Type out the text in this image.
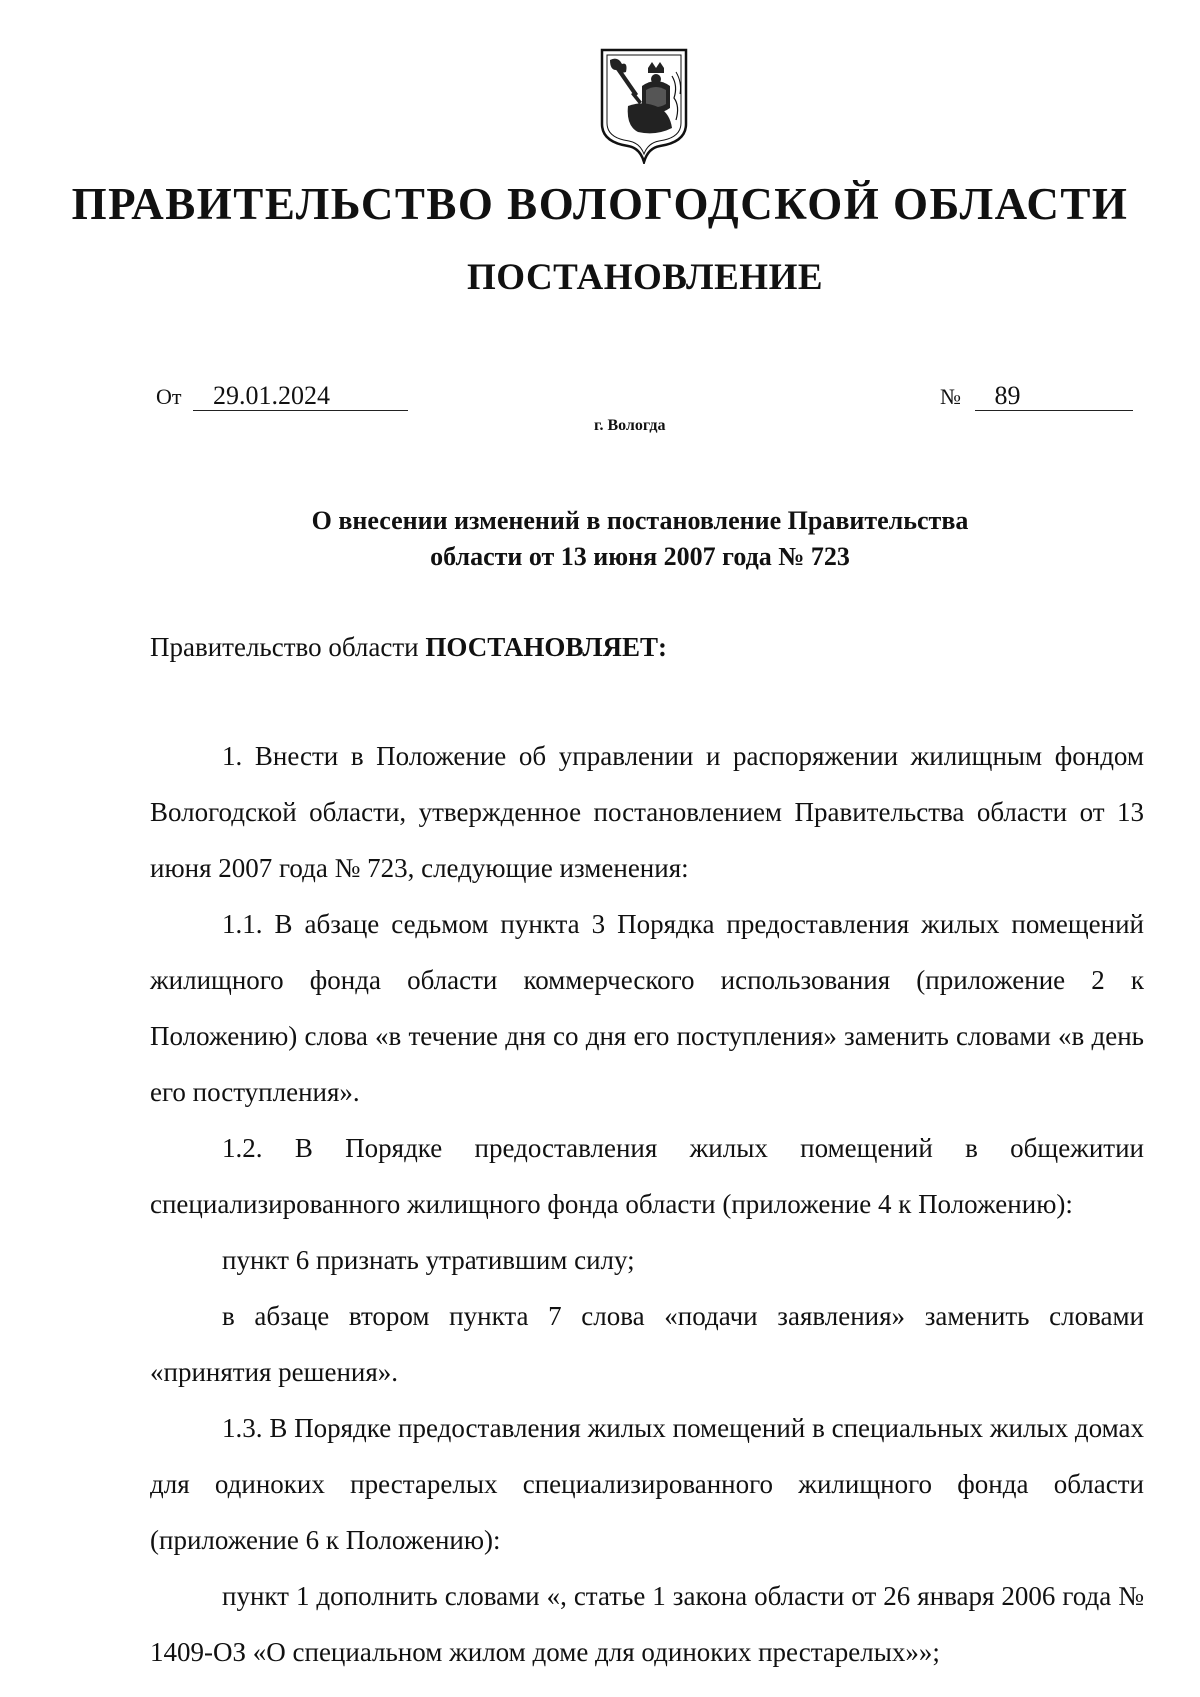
ПРАВИТЕЛЬСТВО ВОЛОГОДСКОЙ ОБЛАСТИ
ПОСТАНОВЛЕНИЕ
От 29.01.2024	№ 89
г. Вологда
О внесении изменений в постановление Правительства
области от 13 июня 2007 года № 723
Правительство области ПОСТАНОВЛЯЕТ:

1. Внести в Положение об управлении и распоряжении жилищным фондом Вологодской области, утвержденное постановлением Правительства области от 13 июня 2007 года № 723, следующие изменения:

1.1. В абзаце седьмом пункта 3 Порядка предоставления жилых помещений жилищного фонда области коммерческого использования (приложение 2 к Положению) слова «в течение дня со дня его поступления» заменить словами «в день его поступления».

1.2. В Порядке предоставления жилых помещений в общежитии специализированного жилищного фонда области (приложение 4 к Положению):

пункт 6 признать утратившим силу;

в абзаце втором пункта 7 слова «подачи заявления» заменить словами «принятия решения».

1.3. В Порядке предоставления жилых помещений в специальных жилых домах для одиноких престарелых специализированного жилищного фонда области (приложение 6 к Положению):

пункт 1 дополнить словами «, статье 1 закона области от 26 января 2006 года № 1409-ОЗ «О специальном жилом доме для одиноких престарелых»»;
